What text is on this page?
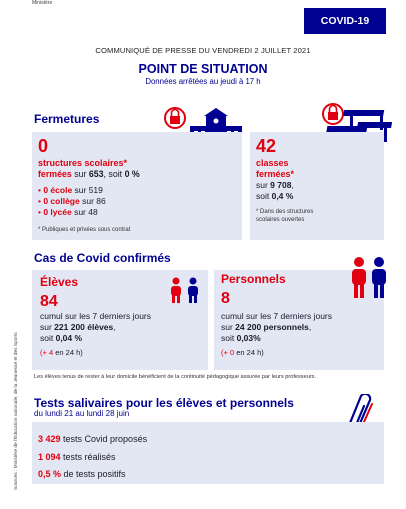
Ministère
COVID-19
COMMUNIQUÉ DE PRESSE DU VENDREDI 2 JUILLET 2021
POINT DE SITUATION
Données arrêtées au jeudi à 17 h
Fermetures
0
structures scolaires*
fermées sur 653, soit 0 %
• 0 école sur 519
• 0 collège sur 86
• 0 lycée sur 48
* Publiques et privées sous contrat
42
classes
fermées*
sur 9 708,
soit 0,4 %
* Dans des structures scolaires ouvertes
Cas de Covid confirmés
Élèves
84
cumul sur les 7 derniers jours
sur 221 200 élèves,
soit 0,04 %
(+ 4 en 24 h)
Personnels
8
cumul sur les 7 derniers jours
sur 24 200 personnels,
soit 0,03%
(+ 0 en 24 h)
Les élèves tenus de rester à leur domicile bénéficient de la continuité pédagogique assurée par leurs professeurs.
Tests salivaires pour les élèves et personnels
du lundi 21 au lundi 28 juin
3 429 tests Covid proposés
1 094 tests réalisés
0,5 % de tests positifs
Sources : Ministère de l'Éducation nationale, de la Jeunesse et des Sports
